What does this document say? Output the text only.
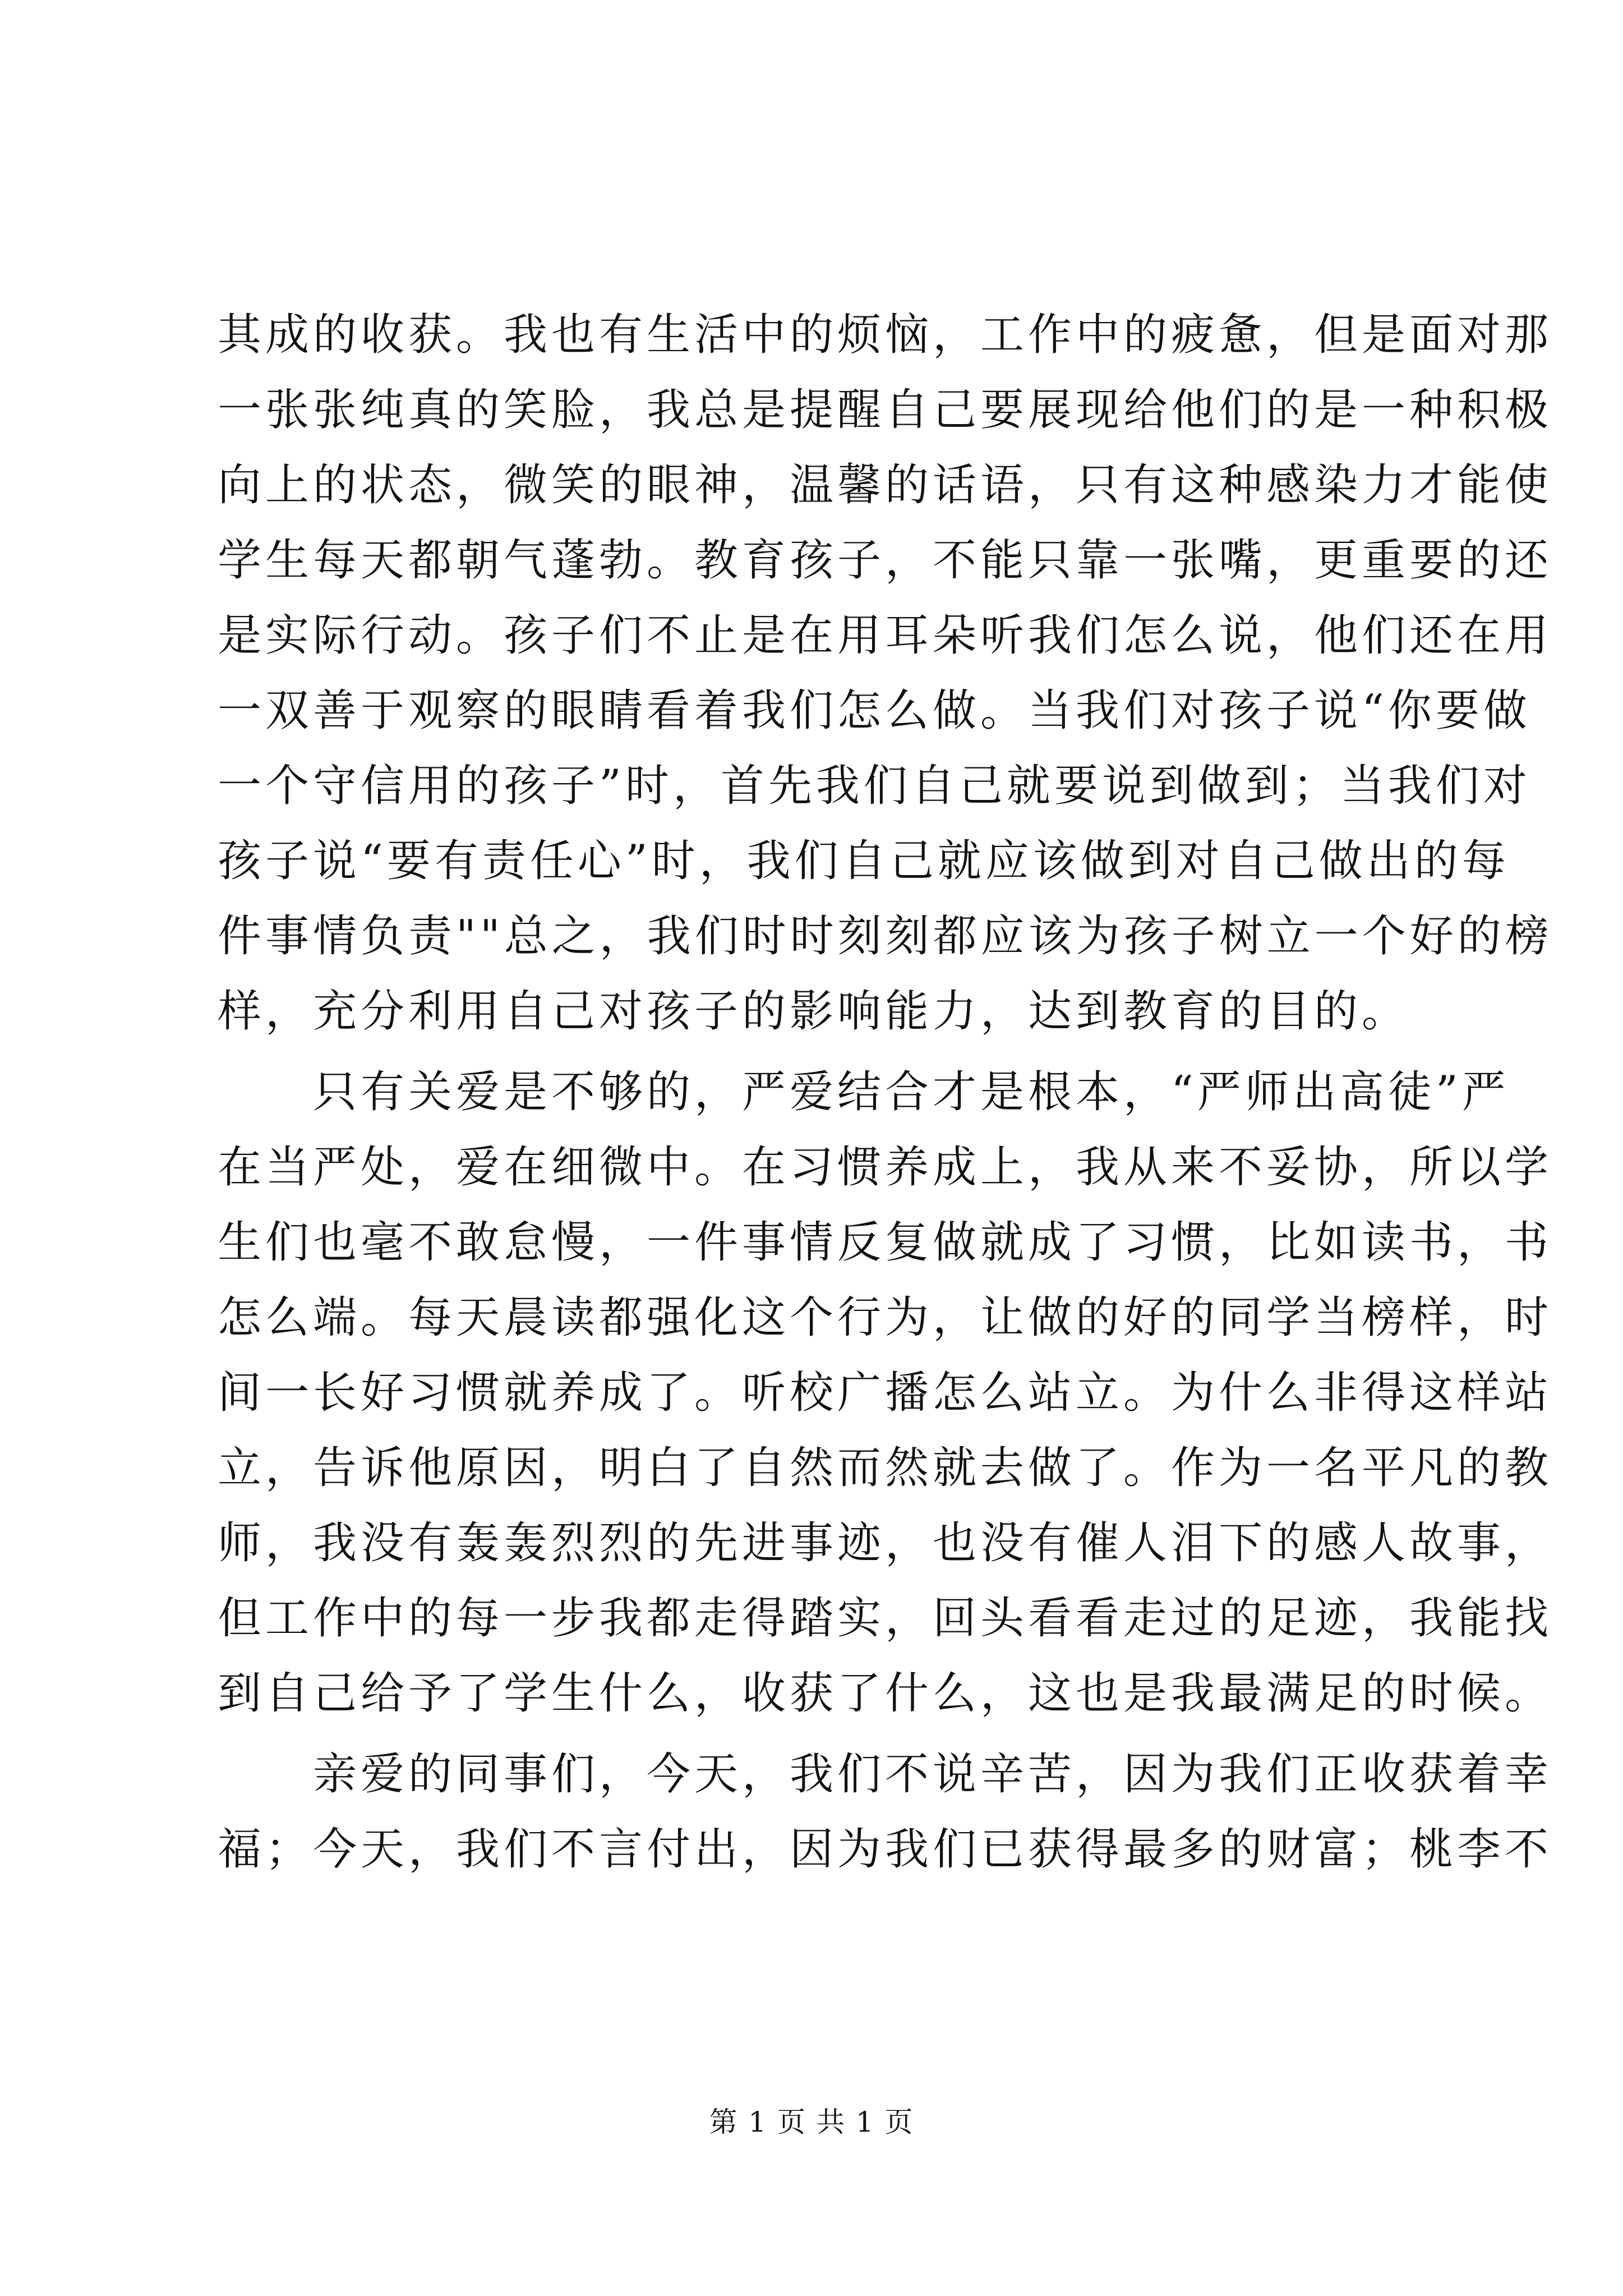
其成的收获。我也有生活中的烦恼，工作中的疲惫，但是面对那
一张张纯真的笑脸，我总是提醒自己要展现给他们的是一种积极
向上的状态，微笑的眼神，温馨的话语，只有这种感染力才能使
学生每天都朝气蓬勃。教育孩子，不能只靠一张嘴，更重要的还
是实际行动。孩子们不止是在用耳朵听我们怎么说，他们还在用
一双善于观察的眼睛看着我们怎么做。当我们对孩子说“你要做
一个守信用的孩子”时，首先我们自己就要说到做到；当我们对
孩子说“要有责任心”时，我们自己就应该做到对自己做出的每
件事情负责""总之，我们时时刻刻都应该为孩子树立一个好的榜
样，充分利用自己对孩子的影响能力，达到教育的目的。
　　只有关爱是不够的，严爱结合才是根本，“严师出高徒”严
在当严处，爱在细微中。在习惯养成上，我从来不妥协，所以学
生们也毫不敢怠慢，一件事情反复做就成了习惯，比如读书，书
怎么端。每天晨读都强化这个行为，让做的好的同学当榜样，时
间一长好习惯就养成了。听校广播怎么站立。为什么非得这样站
立，告诉他原因，明白了自然而然就去做了。作为一名平凡的教
师，我没有轰轰烈烈的先进事迹，也没有催人泪下的感人故事，
但工作中的每一步我都走得踏实，回头看看走过的足迹，我能找
到自己给予了学生什么，收获了什么，这也是我最满足的时候。
　　亲爱的同事们，今天，我们不说辛苦，因为我们正收获着幸
福；今天，我们不言付出，因为我们已获得最多的财富；桃李不
第 1 页 共 1 页
